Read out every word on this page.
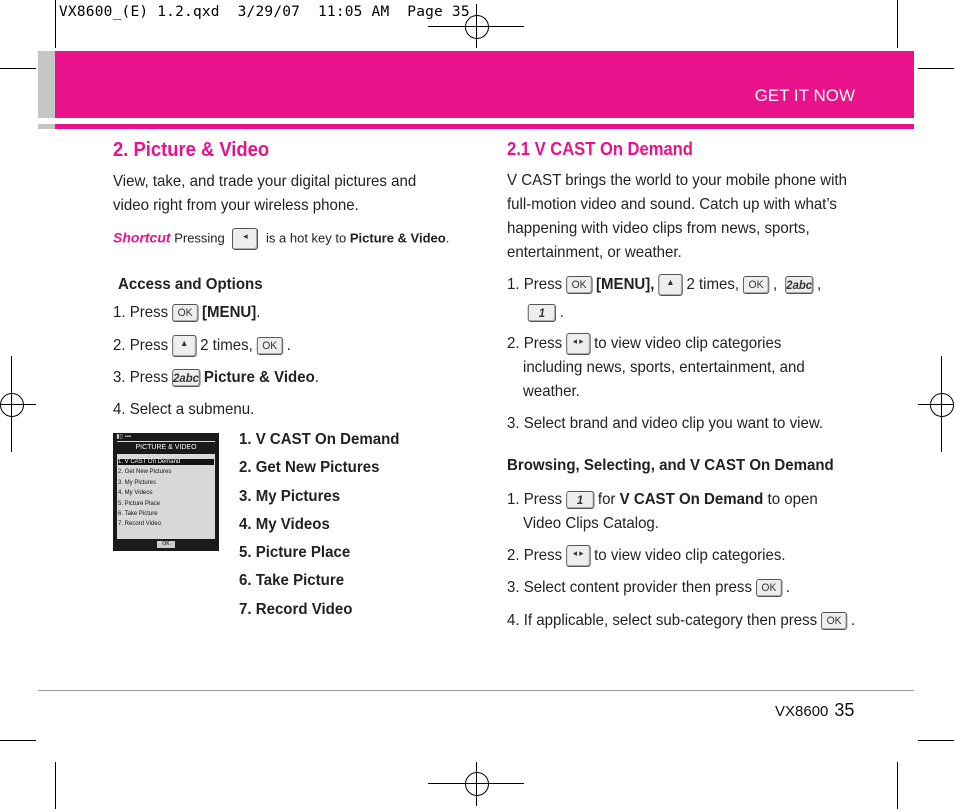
VX8600_(E) 1.2.qxd  3/29/07  11:05 AM  Page 35
GET IT NOW
2. Picture & Video
View, take, and trade your digital pictures and
video right from your wireless phone.
Shortcut Pressing ◂ is a hot key to Picture & Video.
Access and Options
1. Press OK [MENU].
2. Press ▲ 2 times, OK .
3. Press 2abc Picture & Video.
4. Select a submenu.
▮▯ ▪▪▪
PICTURE & VIDEO
1. V CAST On Demand
2. Get New Pictures
3. My Pictures
4. My Videos
5. Picture Place
6. Take Picture
7. Record Video
OK
1. V CAST On Demand
2. Get New Pictures
3. My Pictures
4. My Videos
5. Picture Place
6. Take Picture
7. Record Video
2.1 V CAST On Demand
V CAST brings the world to your mobile phone with
full-motion video and sound. Catch up with what’s
happening with video clips from news, sports,
entertainment, or weather.
1. Press OK [MENU], ▲ 2 times, OK , 2abc ,
1 .
2. Press ◂ ▸ to view video clip categories
including news, sports, entertainment, and
weather.
3. Select brand and video clip you want to view.
Browsing, Selecting, and V CAST On Demand
1. Press 1 for V CAST On Demand to open
Video Clips Catalog.
2. Press ◂ ▸ to view video clip categories.
3. Select content provider then press OK .
4. If applicable, select sub-category then press OK .
VX8600 35
